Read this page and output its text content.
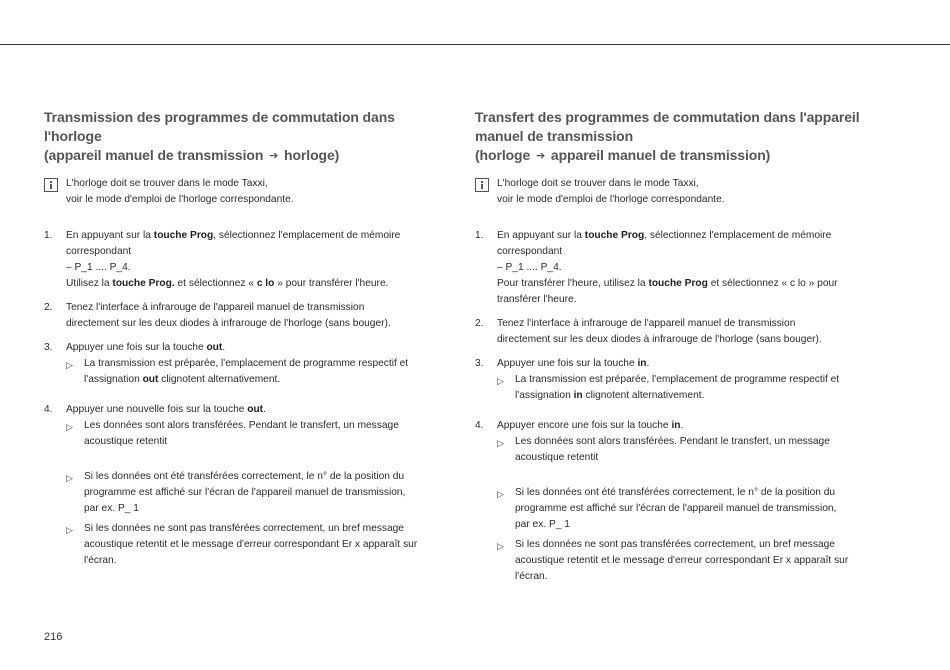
Transmission des programmes de commutation dans l'horloge
(appareil manuel de transmission ➔ horloge)
L'horloge doit se trouver dans le mode Taxxi,
voir le mode d'emploi de l'horloge correspondante.
1.	En appuyant sur la touche Prog, sélectionnez l'emplacement de mémoire
correspondant
– P_1 .... P_4.
Utilisez la touche Prog. et sélectionnez « c lo » pour transférer l'heure.
2.	Tenez l'interface à infrarouge de l'appareil manuel de transmission
directement sur les deux diodes à infrarouge de l'horloge (sans bouger).
3.	Appuyer une fois sur la touche out.
▷	La transmission est préparée, l'emplacement de programme respectif et
l'assignation out clignotent alternativement.
4.	Appuyer une nouvelle fois sur la touche out.
▷	Les données sont alors transférées. Pendant le transfert, un message
acoustique retentit
▷	Si les données ont été transférées correctement, le n° de la position du
programme est affiché sur l'écran de l'appareil manuel de transmission,
par ex. P_ 1
▷	Si les données ne sont pas transférées correctement, un bref message
acoustique retentit et le message d'erreur correspondant Er x apparaît sur
l'écran.
Transfert des programmes de commutation dans l'appareil
manuel de transmission
(horloge ➔ appareil manuel de transmission)
L'horloge doit se trouver dans le mode Taxxi,
voir le mode d'emploi de l'horloge correspondante.
1.	En appuyant sur la touche Prog, sélectionnez l'emplacement de mémoire
correspondant
– P_1 .... P_4.
Pour transférer l'heure, utilisez la touche Prog et sélectionnez « c lo » pour
transférer l'heure.
2.	Tenez l'interface à infrarouge de l'appareil manuel de transmission
directement sur les deux diodes à infrarouge de l'horloge (sans bouger).
3.	Appuyer une fois sur la touche in.
▷	La transmission est préparée, l'emplacement de programme respectif et
l'assignation in clignotent alternativement.
4.	Appuyer encore une fois sur la touche in.
▷	Les données sont alors transférées. Pendant le transfert, un message
acoustique retentit
▷	Si les données ont été transférées correctement, le n° de la position du
programme est affiché sur l'écran de l'appareil manuel de transmission,
par ex. P_ 1
▷	Si les données ne sont pas transférées correctement, un bref message
acoustique retentit et le message d'erreur correspondant Er x apparaît sur
l'écran.
216
